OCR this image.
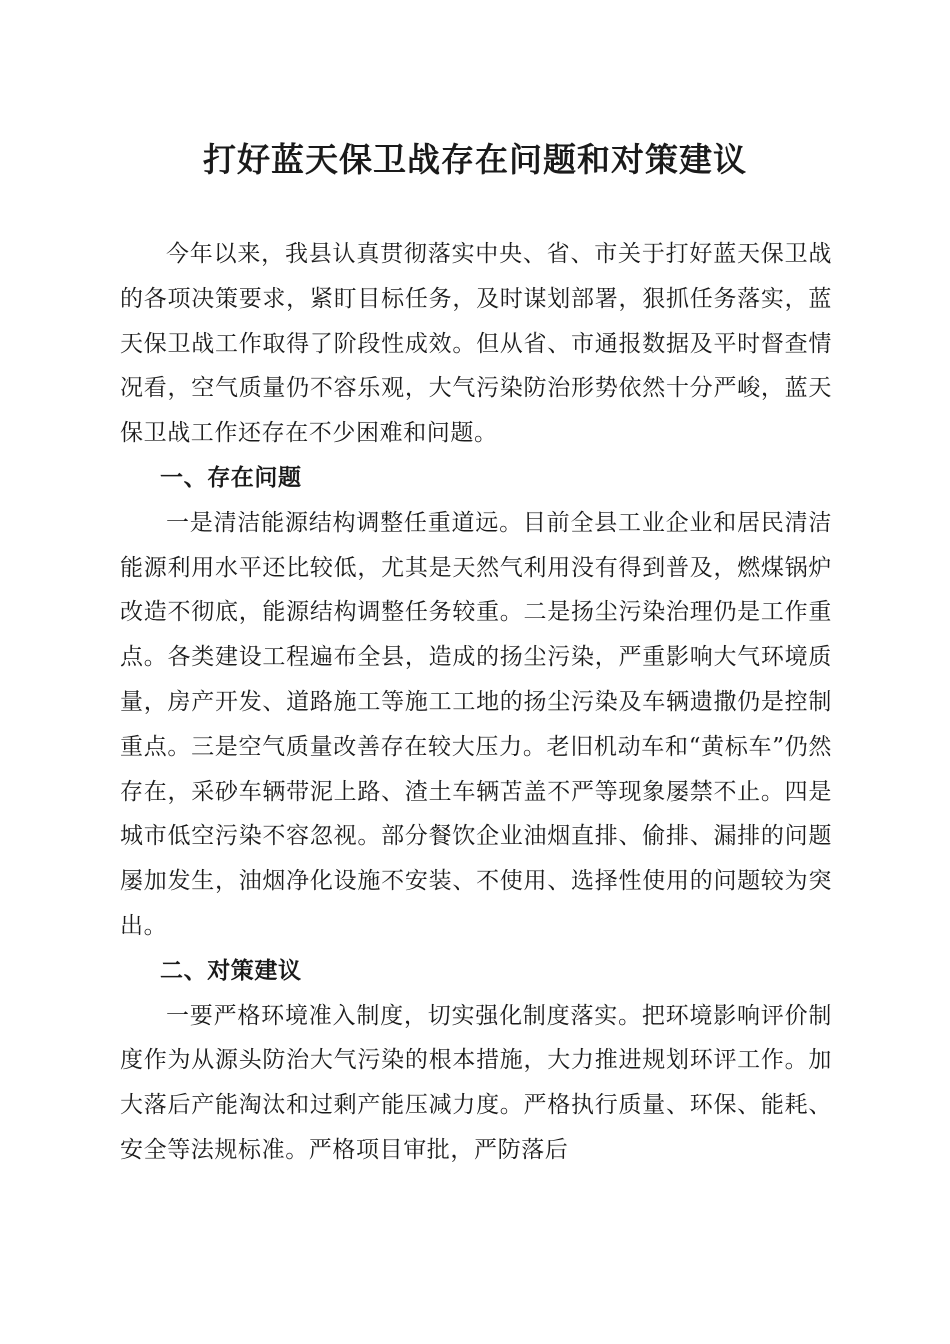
打好蓝天保卫战存在问题和对策建议

今年以来，我县认真贯彻落实中央、省、市关于打好蓝天保卫战的各项决策要求，紧盯目标任务，及时谋划部署，狠抓任务落实，蓝天保卫战工作取得了阶段性成效。但从省、市通报数据及平时督查情况看，空气质量仍不容乐观，大气污染防治形势依然十分严峻，蓝天保卫战工作还存在不少困难和问题。

一、存在问题

一是清洁能源结构调整任重道远。目前全县工业企业和居民清洁能源利用水平还比较低，尤其是天然气利用没有得到普及，燃煤锅炉改造不彻底，能源结构调整任务较重。二是扬尘污染治理仍是工作重点。各类建设工程遍布全县，造成的扬尘污染，严重影响大气环境质量，房产开发、道路施工等施工工地的扬尘污染及车辆遗撒仍是控制重点。三是空气质量改善存在较大压力。老旧机动车和“黄标车”仍然存在，采砂车辆带泥上路、渣土车辆苫盖不严等现象屡禁不止。四是城市低空污染不容忽视。部分餐饮企业油烟直排、偷排、漏排的问题屡加发生，油烟净化设施不安装、不使用、选择性使用的问题较为突出。

二、对策建议

一要严格环境准入制度，切实强化制度落实。把环境影响评价制度作为从源头防治大气污染的根本措施，大力推进规划环评工作。加大落后产能淘汰和过剩产能压减力度。严格执行质量、环保、能耗、安全等法规标准。严格项目审批，严防落后
